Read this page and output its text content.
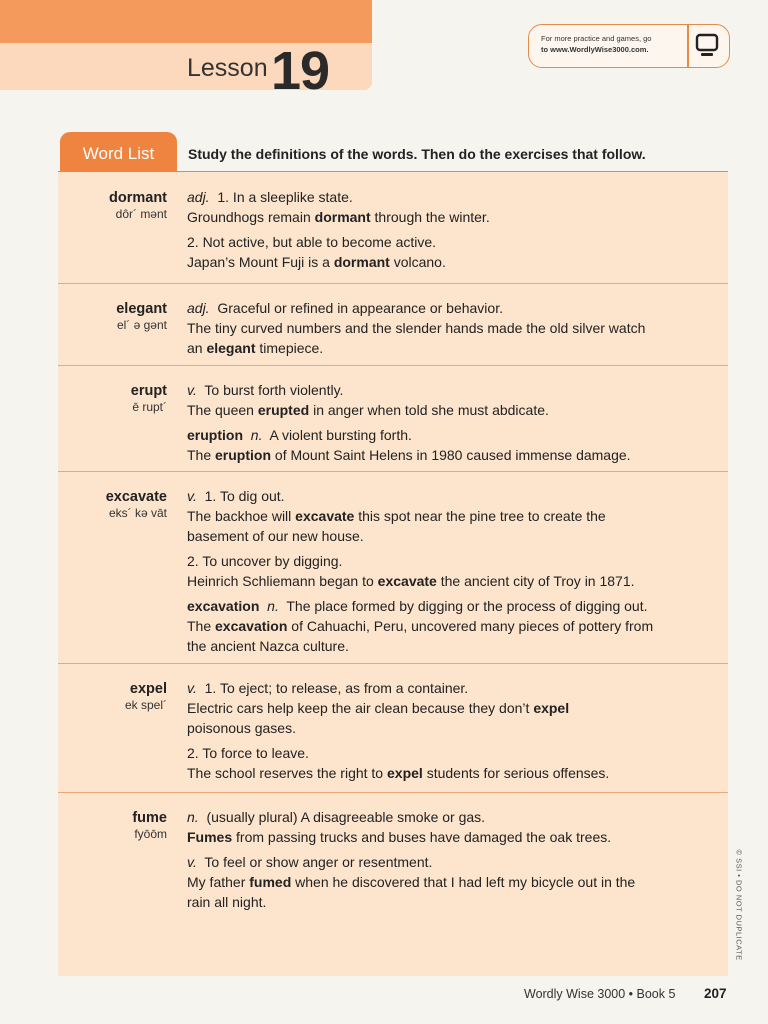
Lesson 19
For more practice and games, go
to www.WordlyWise3000.com.
Word List	Study the definitions of the words. Then do the exercises that follow.
dormant
dôr´ mənt
adj. 1. In a sleeplike state.
Groundhogs remain dormant through the winter.
2. Not active, but able to become active.
Japan’s Mount Fuji is a dormant volcano.
elegant
el´ ə gənt
adj. Graceful or refined in appearance or behavior.
The tiny curved numbers and the slender hands made the old silver watch
an elegant timepiece.
erupt
ē rupt´
v. To burst forth violently.
The queen erupted in anger when told she must abdicate.
eruption n. A violent bursting forth.
The eruption of Mount Saint Helens in 1980 caused immense damage.
excavate
eks´ kə vāt
v. 1. To dig out.
The backhoe will excavate this spot near the pine tree to create the
basement of our new house.
2. To uncover by digging.
Heinrich Schliemann began to excavate the ancient city of Troy in 1871.
excavation n. The place formed by digging or the process of digging out.
The excavation of Cahuachi, Peru, uncovered many pieces of pottery from
the ancient Nazca culture.
expel
ek spel´
v. 1. To eject; to release, as from a container.
Electric cars help keep the air clean because they don’t expel
poisonous gases.
2. To force to leave.
The school reserves the right to expel students for serious offenses.
fume
fyōōm
n. (usually plural) A disagreeable smoke or gas.
Fumes from passing trucks and buses have damaged the oak trees.
v. To feel or show anger or resentment.
My father fumed when he discovered that I had left my bicycle out in the
rain all night.	© SSI • DO NOT DUPLICATE
Wordly Wise 3000 • Book 5 207
